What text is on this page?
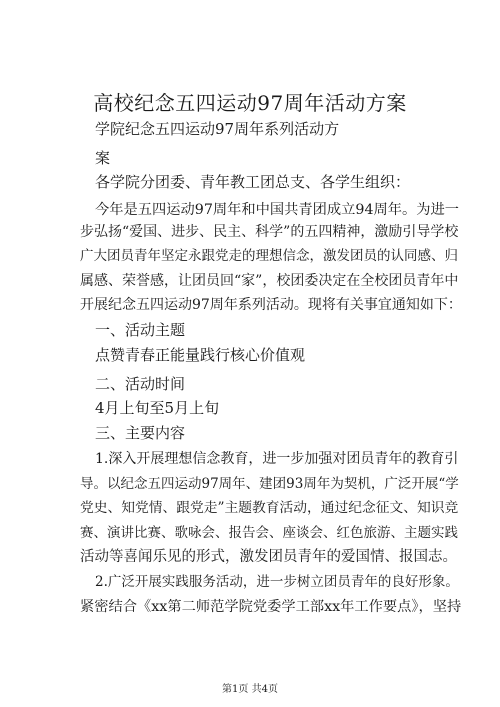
高校纪念五四运动97周年活动方案
学院纪念五四运动97周年系列活动方
案
各学院分团委、青年教工团总支、各学生组织：
今年是五四运动97周年和中国共青团成立94周年。为进一
步弘扬“爱国、进步、民主、科学”的五四精神，激励引导学校
广大团员青年坚定永跟党走的理想信念，激发团员的认同感、归
属感、荣誉感，让团员回“家”，校团委决定在全校团员青年中
开展纪念五四运动97周年系列活动。现将有关事宜通知如下：
一、活动主题
点赞青春正能量践行核心价值观
二、活动时间
4月上旬至5月上旬
三、主要内容
1.深入开展理想信念教育，进一步加强对团员青年的教育引
导。以纪念五四运动97周年、建团93周年为契机，广泛开展“学
党史、知党情、跟党走”主题教育活动，通过纪念征文、知识竞
赛、演讲比赛、歌咏会、报告会、座谈会、红色旅游、主题实践
活动等喜闻乐见的形式，激发团员青年的爱国情、报国志。
2.广泛开展实践服务活动，进一步树立团员青年的良好形象。
紧密结合《xx第二师范学院党委学工部xx年工作要点》，坚持
第1页 共4页
